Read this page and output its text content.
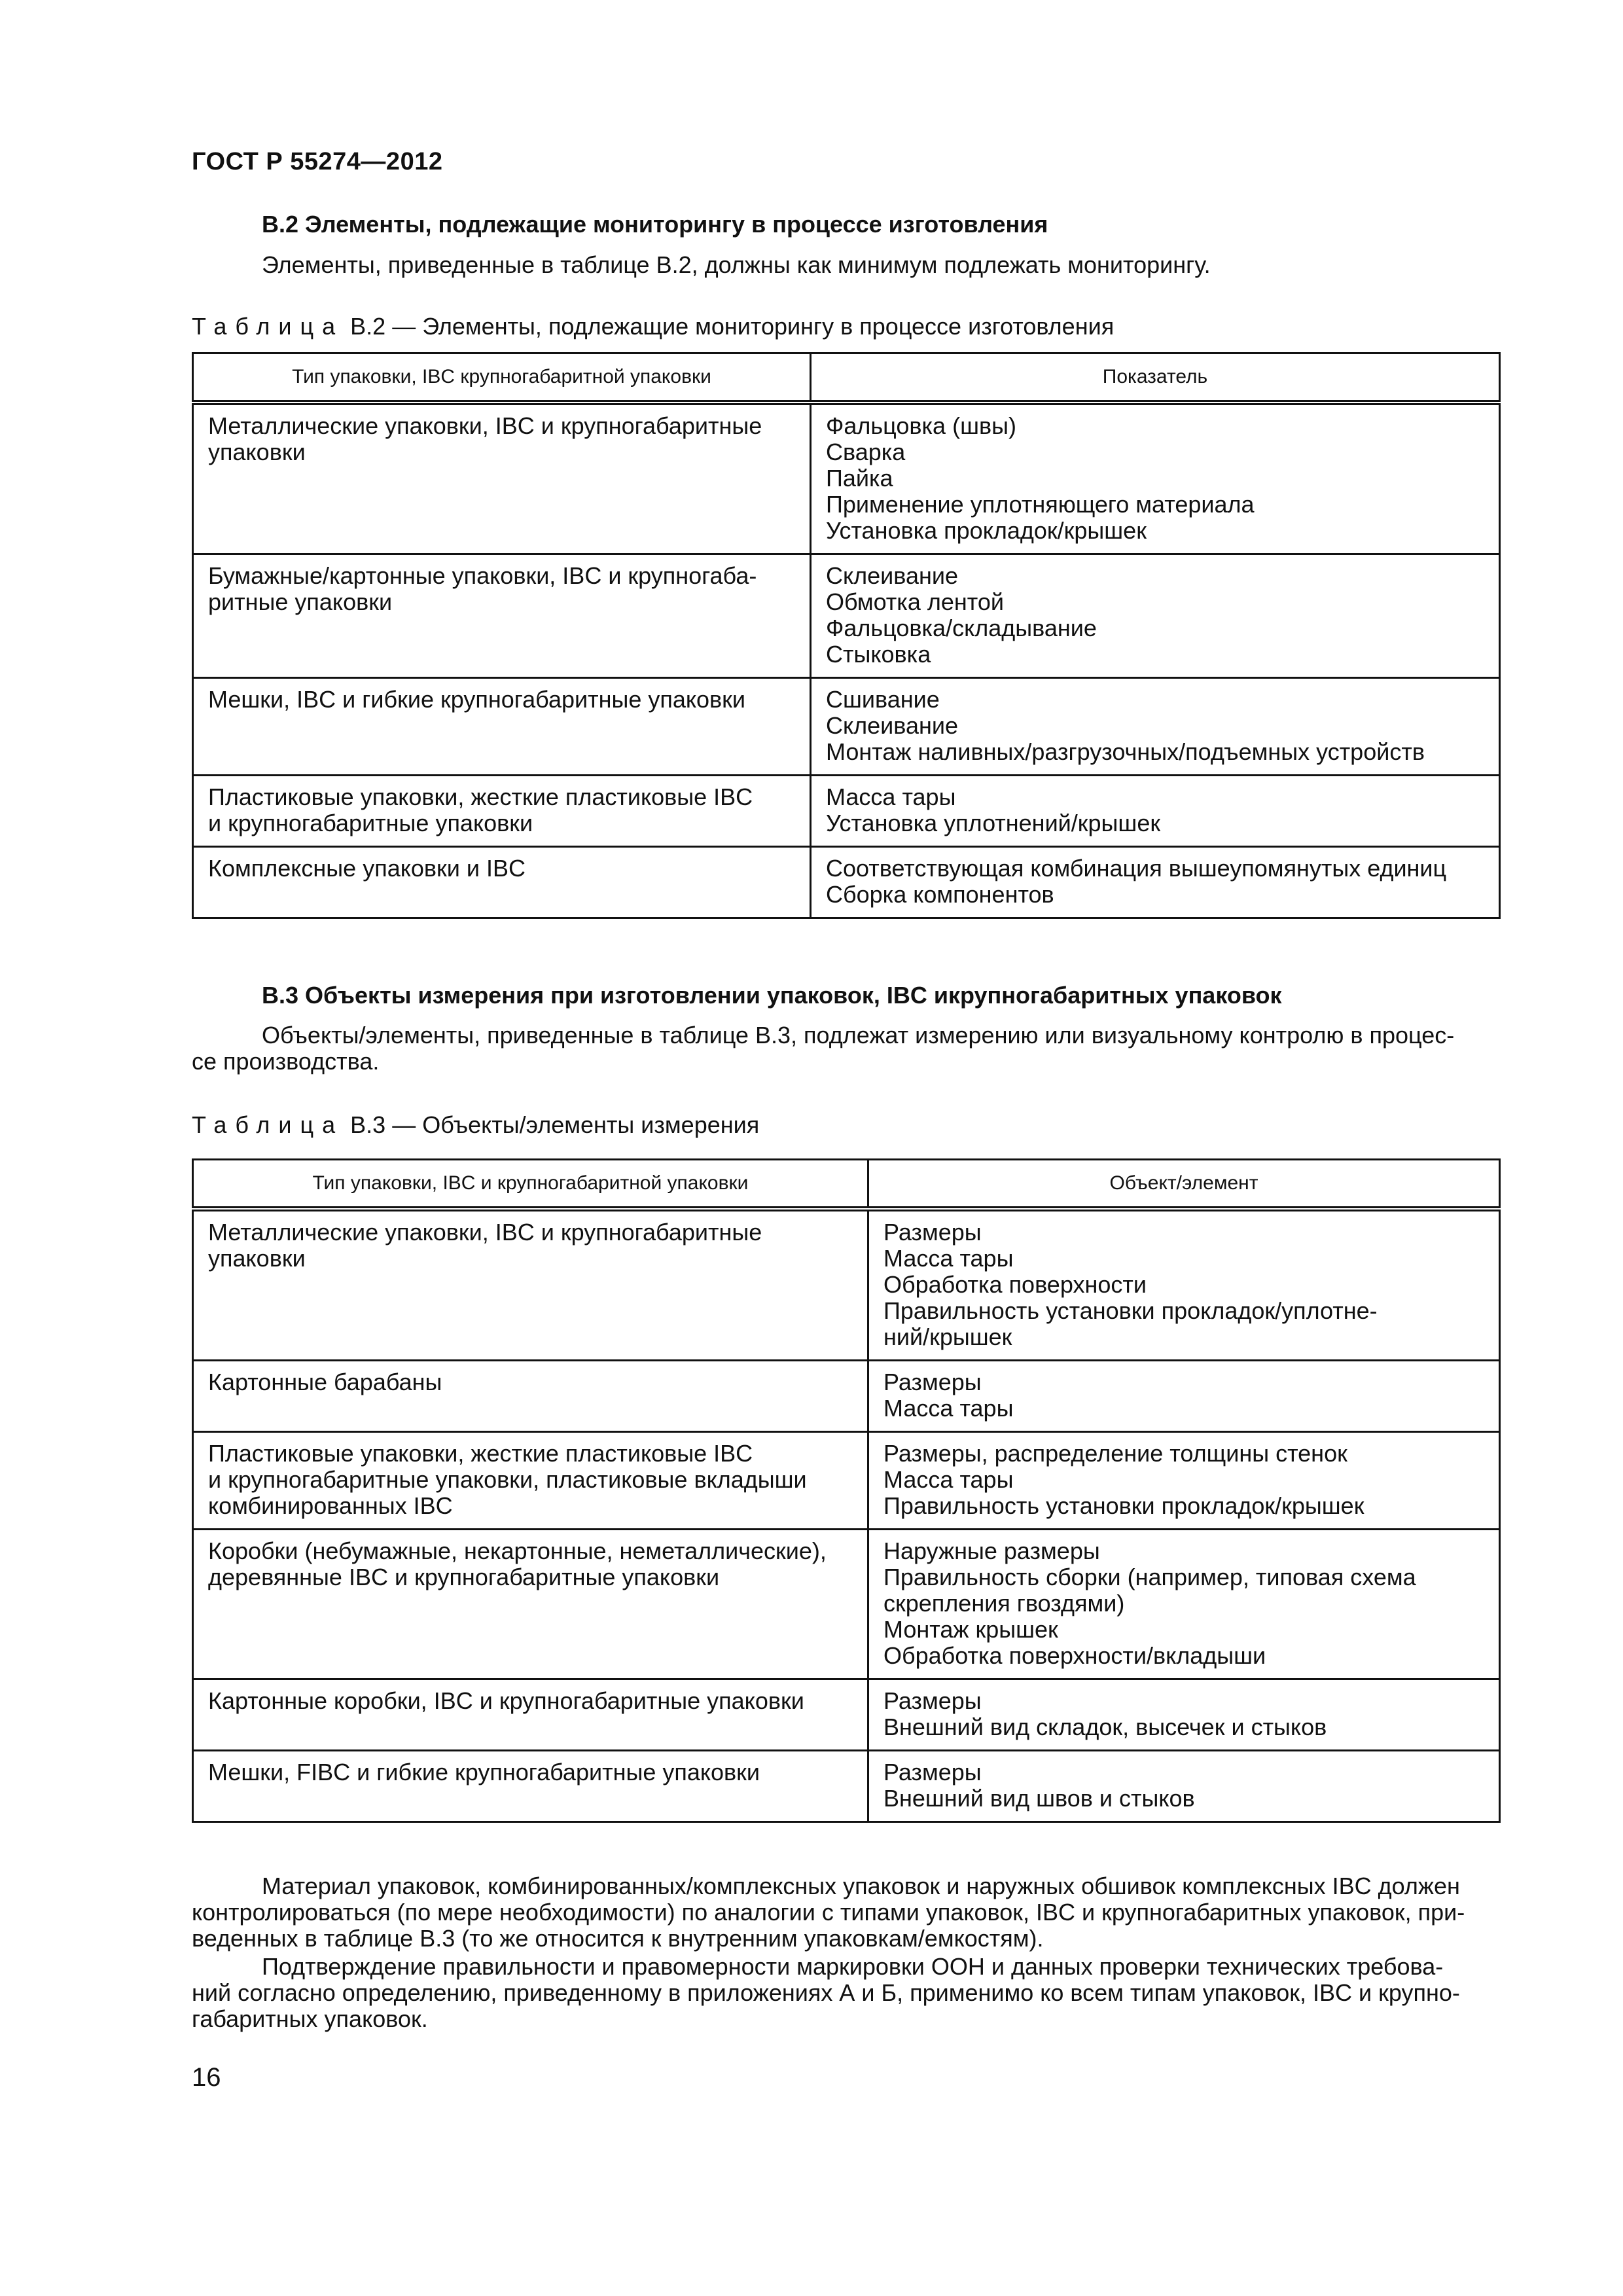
ГОСТ Р 55274—2012
В.2 Элементы, подлежащие мониторингу в процессе изготовления
Элементы, приведенные в таблице В.2, должны как минимум подлежать мониторингу.
Таблица В.2 — Элементы, подлежащие мониторингу в процессе изготовления
Тип упаковки, IBC крупногабаритной упаковки	Показатель

Металлические упаковки, IBC и крупногабаритные
упаковки	Фальцовка (швы)
Сварка
Пайка
Применение уплотняющего материала
Установка прокладок/крышек

Бумажные/картонные упаковки, IBC и крупногаба-
ритные упаковки	Склеивание
Обмотка лентой
Фальцовка/складывание
Стыковка

Мешки, IBC и гибкие крупногабаритные упаковки	Сшивание
Склеивание
Монтаж наливных/разгрузочных/подъемных устройств

Пластиковые упаковки, жесткие пластиковые IBC
и крупногабаритные упаковки	Масса тары
Установка уплотнений/крышек

Комплексные упаковки и IBC	Соответствующая комбинация вышеупомянутых единиц
Сборка компонентов
В.3 Объекты измерения при изготовлении упаковок, IBC икрупногабаритных упаковок
Объекты/элементы, приведенные в таблице В.3, подлежат измерению или визуальному контролю в процес-
се производства.
Таблица В.3 — Объекты/элементы измерения
Тип упаковки, IBC и крупногабаритной упаковки	Объект/элемент

Металлические упаковки, IBC и крупногабаритные
упаковки	Размеры
Масса тары
Обработка поверхности
Правильность установки прокладок/уплотне-
ний/крышек

Картонные барабаны	Размеры
Масса тары

Пластиковые упаковки, жесткие пластиковые IBC
и крупногабаритные упаковки, пластиковые вкладыши
комбинированных IBC	Размеры, распределение толщины стенок
Масса тары
Правильность установки прокладок/крышек

Коробки (небумажные, некартонные, неметаллические),
деревянные IBC и крупногабаритные упаковки	Наружные размеры
Правильность сборки (например, типовая схема
скрепления гвоздями)
Монтаж крышек
Обработка поверхности/вкладыши

Картонные коробки, IBC и крупногабаритные упаковки	Размеры
Внешний вид складок, высечек и стыков

Мешки, FIBC и гибкие крупногабаритные упаковки	Размеры
Внешний вид швов и стыков
Материал упаковок, комбинированных/комплексных упаковок и наружных обшивок комплексных IBC должен
контролироваться (по мере необходимости) по аналогии с типами упаковок, IBC и крупногабаритных упаковок, при-
веденных в таблице В.3 (то же относится к внутренним упаковкам/емкостям).
Подтверждение правильности и правомерности маркировки ООН и данных проверки технических требова-
ний согласно определению, приведенному в приложениях А и Б, применимо ко всем типам упаковок, IBC и крупно-
габаритных упаковок.
16
